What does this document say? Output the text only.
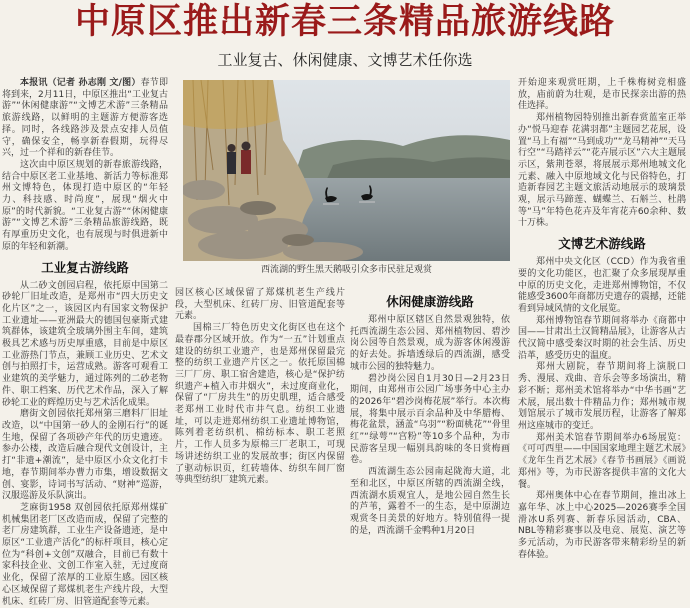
中原区推出新春三条精品旅游线路
工业复古、休闲健康、文博艺术任你选
西流湖的野生黑天鹅吸引众多市民驻足观赏

本报讯（记者 孙志刚 文/图）春节即将到来，2月11日，中原区推出“工业复古游”“休闲健康游”“文博艺术游”三条精品旅游线路，以鲜明的主题游方便游客选择。同时，各线路涉及景点安排人员值守，确保安全，畅享新春假期，玩得尽兴，过一个祥和的新春佳节。

这次由中原区规划的新春旅游线路，结合中原区老工业基地、新活力等标准郑州文博特色，体现打造中原区的“年轻力、科技感、时尚度”，展现“烟火中原”的时代新貌。“工业复古游”“休闲健康游”“文博艺术游”三条精品旅游线路，既有厚重历史文化，也有展现与时俱进新中原的年轻和新潮。

工业复古游线路

从二砂文创园启程，依托原中国第二砂轮厂旧址改造，是郑州市“四大历史文化片区”之一，该园区内有国家文物保护工业遗址——亚洲最大的德国包豪斯式建筑群体，该建筑全玻璃外围主车间，建筑极具艺术感与历史厚重感，目前是中原区工业游热门节点，兼顾工业历史、艺术文创与拍照打卡，运营成熟。游客可观看工业建筑的美学魅力，通过陈列的二砂老物件、职工档案、历代艺术作品，深入了解砂轮工业的辉煌历史与艺术活化成果。

磨街文创园依托郑州第三磨料厂旧址改造，以“中国第一砂人的金刚石行”的诞生地，保留了各项砂产年代的历史遗迹。参办公楼，改造后融合现代文创设计，主打“非遗+潮流”，是中原区小众文化打卡地，春节期间举办曹力市集，增设数据文创、宴影，诗词书写活动、“财神”巡游，汉服巡游及乐队演出。

芝麻街1958 双创园依托原郑州煤矿机械集团老厂区改造而成，保留了完整的老厂房建筑群，工业生产设备遗迹，是中原区“工业遗产活化”的标杆项目，核心定位为“科创+文创”双融合，目前已有数十家科技企业、文创工作室入驻，无过度商业化，保留了浓厚的工业原生感。园区核心区域保留了郑煤机老生产线片段，大型机床、红砖厂房、旧管道配套等元素。

园区核心区域保留了郑煤机老生产线片段，大型机床、红砖厂房、旧管道配套等元素。

国棉三厂特色历史文化街区也在这个最春郡分区域开放。作为“一五”计划重点建设的纺织工业遗产，也是郑州保留最完整的纺织工业遗产片区之一。依托原国棉三厂厂房、职工宿舍建造，核心是“保护纺织遗产+植入市井烟火”，未过度商业化，保留了“厂房共生”的历史肌理，适合感受老郑州工业时代市井气息。纺织工业遗址，可以走进郑州纺织工业遗址博物馆，陈列着老纺织机、棉纺标本、职工老照片，工作人员多为原棉三厂老职工，可现场讲述纺织工业的发展故事；街区内保留了驱动标识页，红砖墙体、纺织车间厂窗等典型纺织厂建筑元素。

休闲健康游线路

郑州中原区辖区自然景观独特，依托西流湖生态公园、郑州植物园、碧沙岗公园等自然景观，成为游客休闲漫游的好去处。拆墙透绿后的西流湖，感受城市公园的独特魅力。

碧沙岗公园自1月30日—2月23日期间，由郑州市公园广场事务中心主办的2026年“碧沙岗梅花展”举行。本次梅展，将集中展示百余品种及中华腊梅、梅花盆景，涵盖“乌羽”“粉面桃花”“骨里红”“绿萼”“宫粉”等10多个品种，为市民游客呈现一幅别具韵味的冬日赏梅画卷。

西流湖生态公园南起陇海大道，北至和北区，中原区所辖的西流湖全线，西流湖水质观宜人，是地公园自然生长的芦苇，露着不一的生态，是中原湖边观赏冬日美景的好地方。特别值得一提的是，西流湖千金鸭种1月20日

开始迎来观赏旺期，上千株梅树竞相盛放，庙前蔚为壮观，是市民探亲出游的热佳选择。

郑州植物园特别推出新春赏蓝室正举办“悦马迎春 花满羽都”主题园艺花展，设置“马上有福”“马到成功”“龙马精神”“天马行空”“马踏祥云”“花卉展示区”六大主题展示区，紫荆苍翠，将展展示郑州地城文化元素、融入中原地域文化与民俗特色，打造新春园艺主题文旅活动地展示的玻璃景观，展示马蹄莲、蝴蝶兰、石斛兰、杜鹃等“马”年特色花卉及年宵花卉60余种、数十万株。

文博艺术游线路

郑州中央文化区（CCD）作为我省重要的文化功能区，也汇聚了众多展现厚重中原的历史文化，走进郑州博物馆，不仅能感受3600年商都历史遗存的震撼，还能看到异域风情的文化展览。

郑州博物馆春节期间将举办《商都中国——甘肃出土汉简精品展》，让游客从古代汉简中感受秦汉时期的社会生活、历史沿革，感受历史的温度。

郑州大剧院，春节期间将上演脱口秀、漫展、戏曲、音乐会等多场演出，精彩不断；郑州美术馆将举办“中华书画”艺术展，展出数十件精品力作；郑州城市规划馆展示了城市发展历程，让游客了解郑州这座城市的变迁。

郑州美术馆春节期间举办6场展览：《可可西里——中国国家地理主题艺术展》《龙年生肖艺术展》《春节书画展》《画说郑州》等，为市民游客提供丰富的文化大餐。

郑州奥体中心在春节期间，推出冰上嘉年华、冰上中心2025—2026赛季全国滑冰U系列赛、新春乐园活动，CBA、NBL等精彩赛事以及电竞、展览、演艺等多元活动，为市民游客带来精彩纷呈的新春体验。
